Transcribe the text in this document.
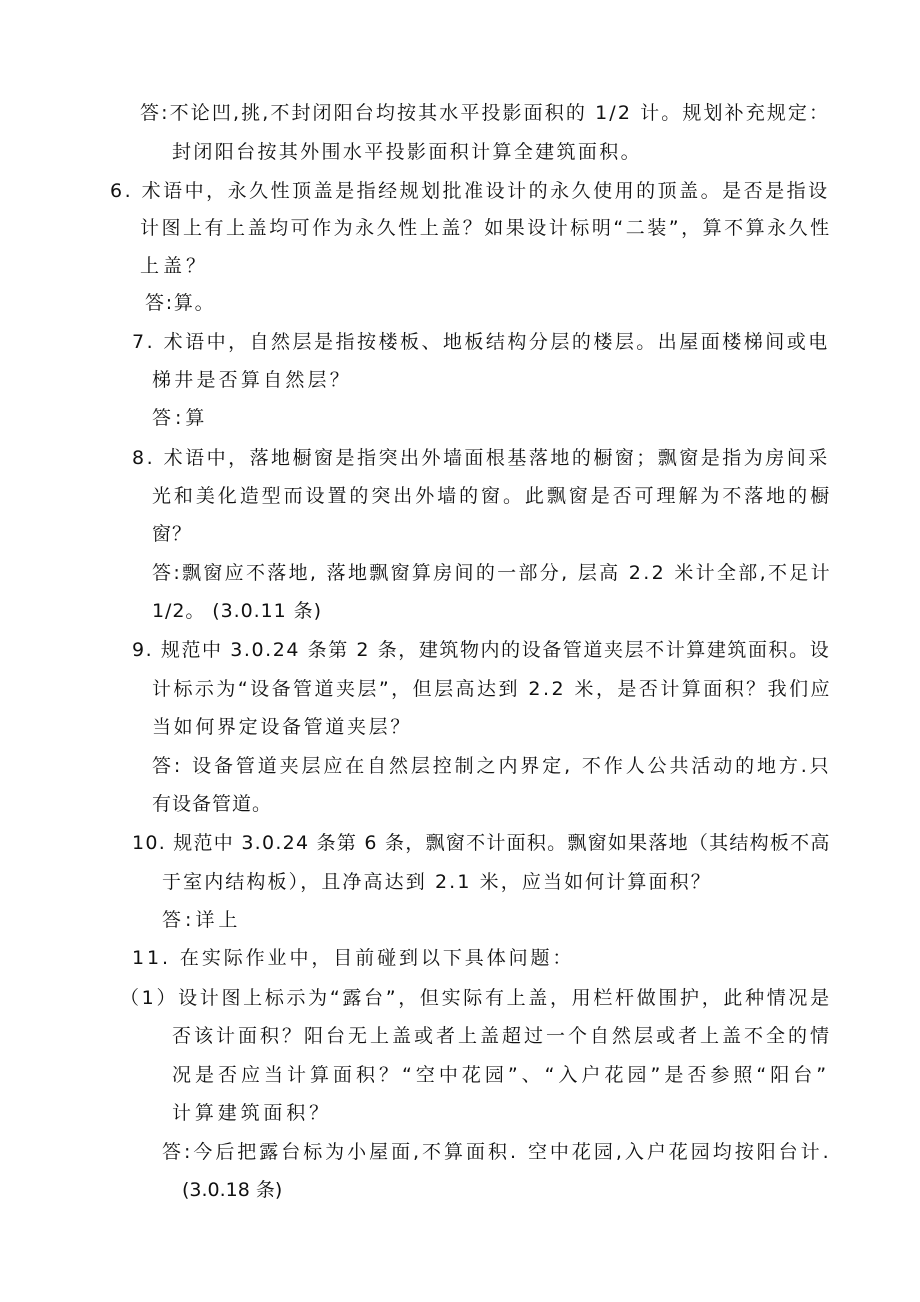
答:不论凹,挑,不封闭阳台均按其水平投影面积的 1/2 计。规划补充规定：
封闭阳台按其外围水平投影面积计算全建筑面积。
6. 术语中，永久性顶盖是指经规划批准设计的永久使用的顶盖。是否是指设
计图上有上盖均可作为永久性上盖？如果设计标明“二装”，算不算永久性
上盖？
答:算。
7. 术语中，自然层是指按楼板、地板结构分层的楼层。出屋面楼梯间或电
梯井是否算自然层？
答:算
8. 术语中，落地橱窗是指突出外墙面根基落地的橱窗；飘窗是指为房间采
光和美化造型而设置的突出外墙的窗。此飘窗是否可理解为不落地的橱
窗？
答:飘窗应不落地, 落地飘窗算房间的一部分, 层高 2.2 米计全部,不足计
1/2。 (3.0.11 条)
9. 规范中 3.0.24 条第 2 条，建筑物内的设备管道夹层不计算建筑面积。设
计标示为“设备管道夹层”，但层高达到 2.2 米，是否计算面积？我们应
当如何界定设备管道夹层？
答: 设备管道夹层应在自然层控制之内界定, 不作人公共活动的地方.只
有设备管道。
10. 规范中 3.0.24 条第 6 条，飘窗不计面积。飘窗如果落地（其结构板不高
于室内结构板），且净高达到 2.1 米，应当如何计算面积？
答:详上
11. 在实际作业中，目前碰到以下具体问题：
（1）设计图上标示为“露台”，但实际有上盖，用栏杆做围护，此种情况是
否该计面积？阳台无上盖或者上盖超过一个自然层或者上盖不全的情
况是否应当计算面积？“空中花园”、“入户花园”是否参照“阳台”
计算建筑面积？
答:今后把露台标为小屋面,不算面积. 空中花园,入户花园均按阳台计.
(3.0.18 条)
